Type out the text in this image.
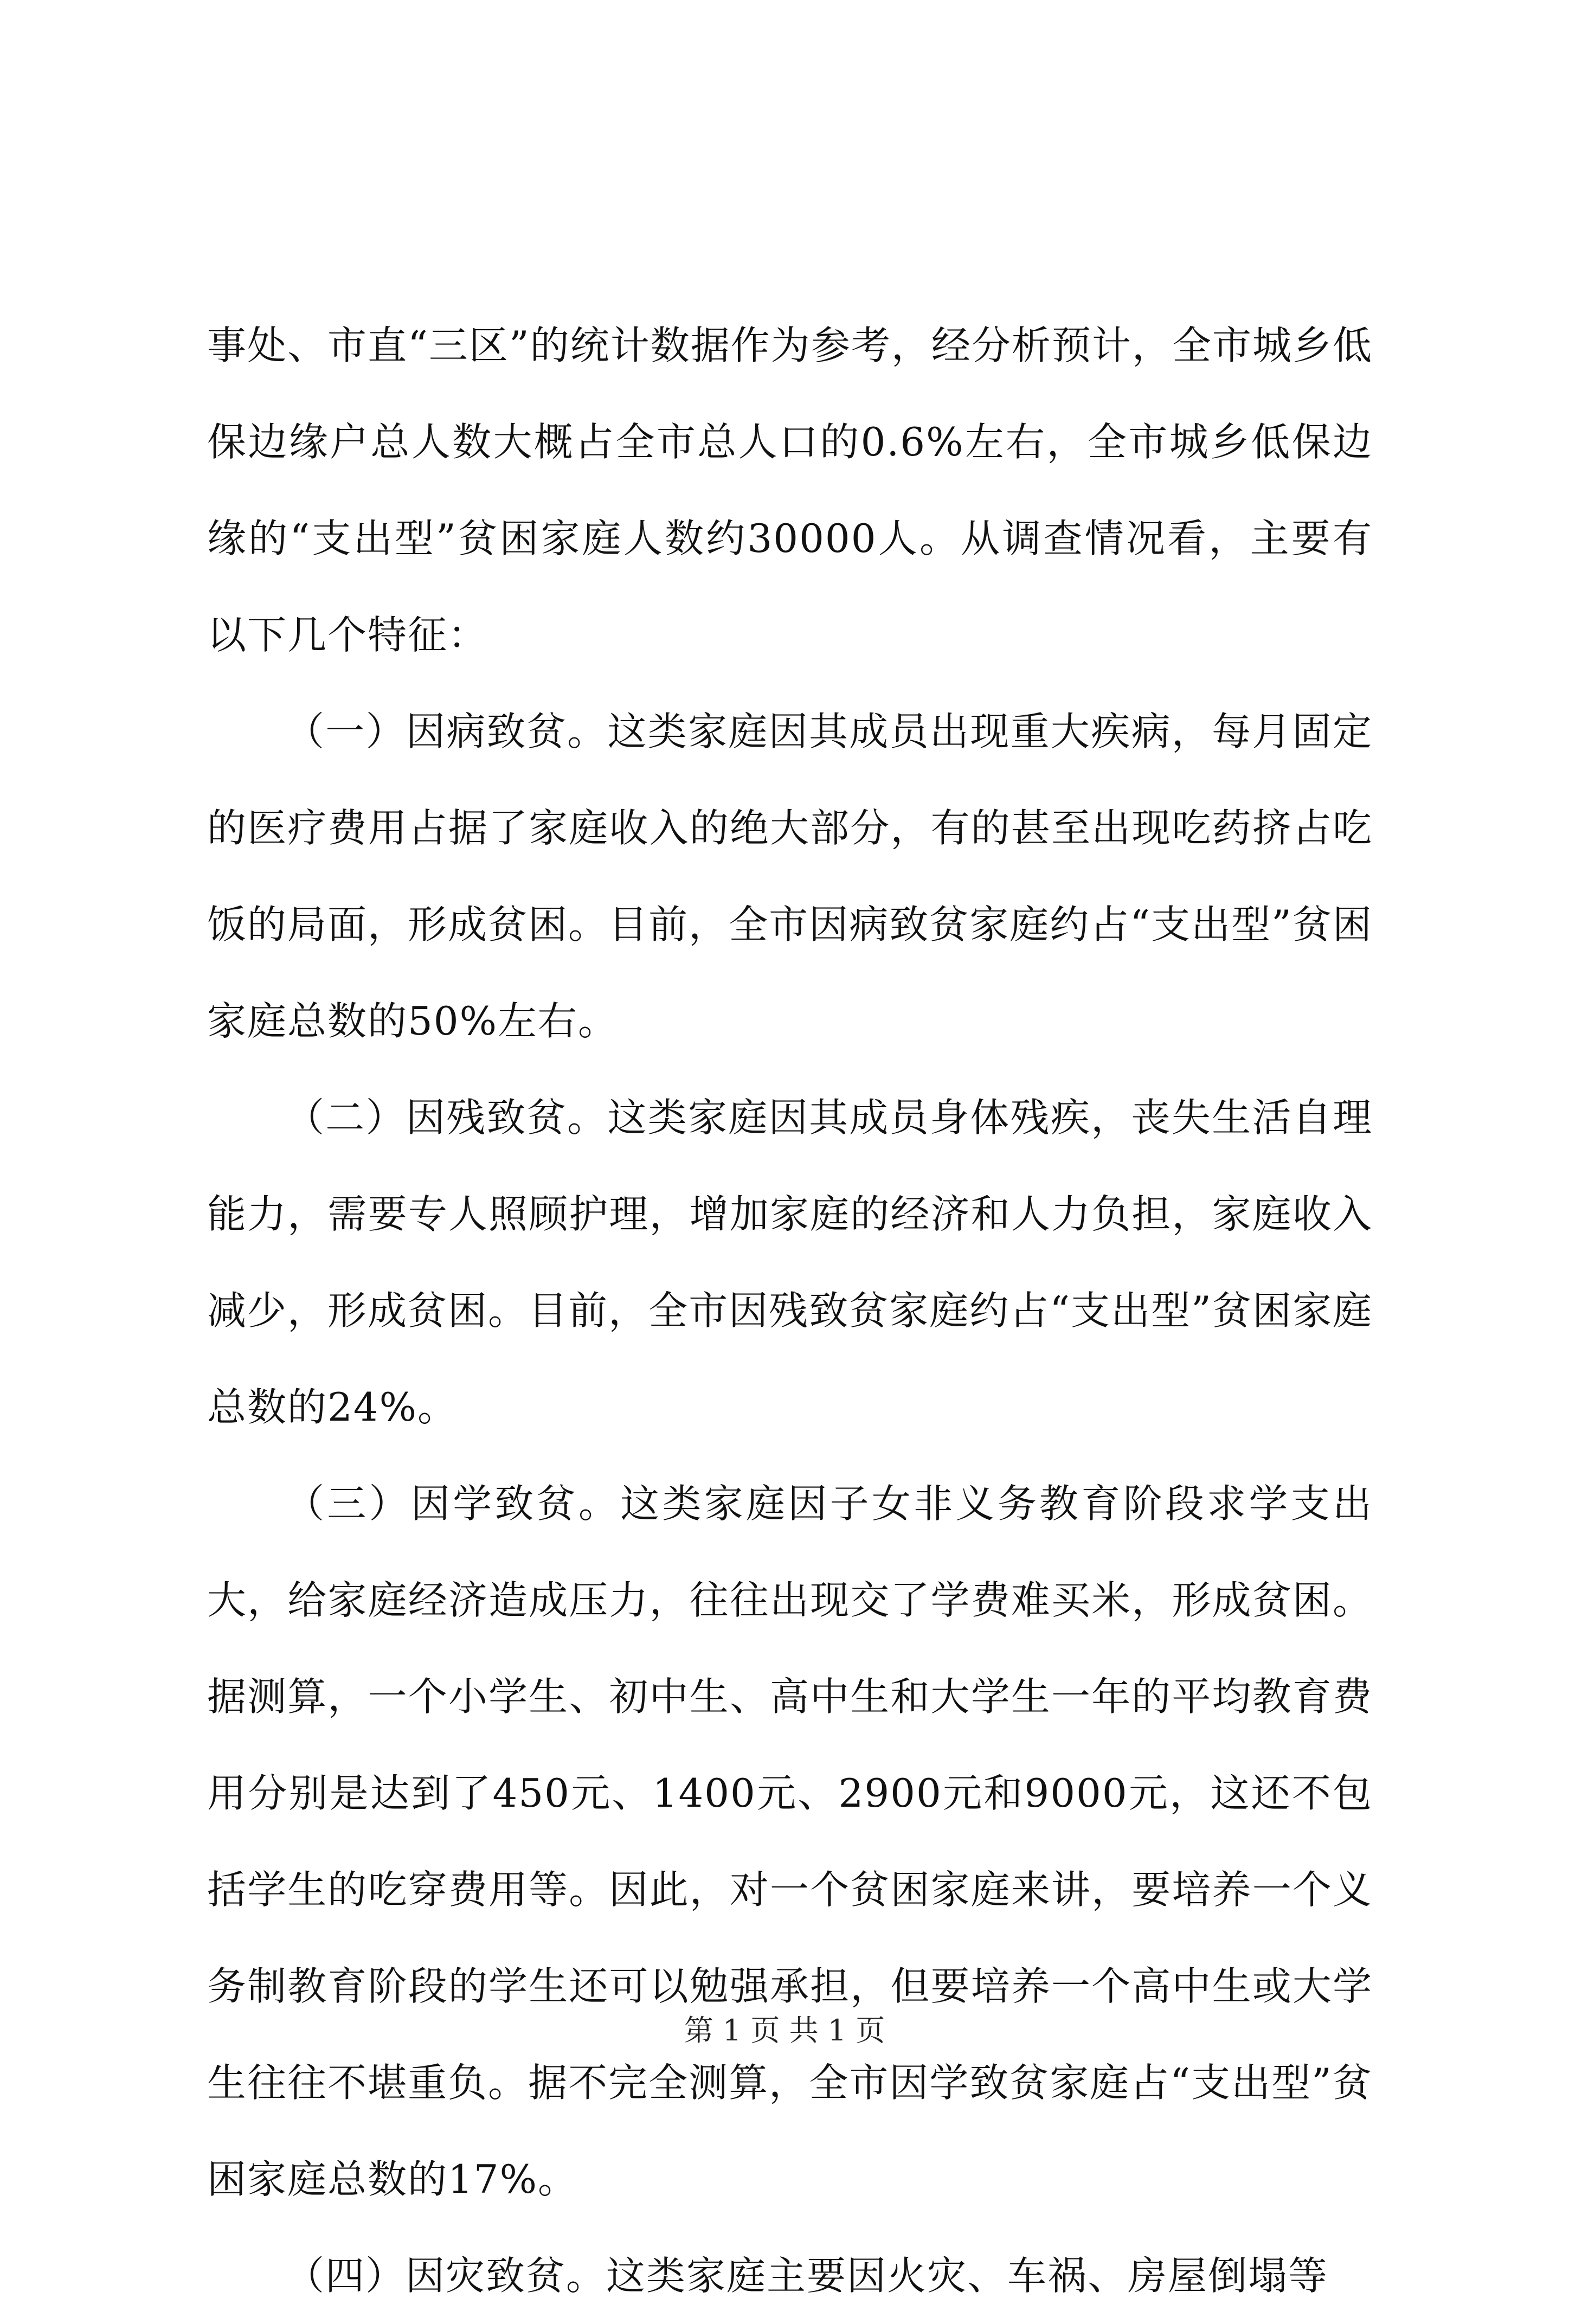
事处、市直“三区”的统计数据作为参考，经分析预计，全市城乡低保边缘户总人数大概占全市总人口的0.6%左右，全市城乡低保边缘的“支出型”贫困家庭人数约30000人。从调查情况看，主要有以下几个特征：

（一）因病致贫。这类家庭因其成员出现重大疾病，每月固定的医疗费用占据了家庭收入的绝大部分，有的甚至出现吃药挤占吃饭的局面，形成贫困。目前，全市因病致贫家庭约占“支出型”贫困家庭总数的50%左右。

（二）因残致贫。这类家庭因其成员身体残疾，丧失生活自理能力，需要专人照顾护理，增加家庭的经济和人力负担，家庭收入减少，形成贫困。目前，全市因残致贫家庭约占“支出型”贫困家庭总数的24%。

（三）因学致贫。这类家庭因子女非义务教育阶段求学支出大，给家庭经济造成压力，往往出现交了学费难买米，形成贫困。据测算，一个小学生、初中生、高中生和大学生一年的平均教育费用分别是达到了450元、1400元、2900元和9000元，这还不包括学生的吃穿费用等。因此，对一个贫困家庭来讲，要培养一个义务制教育阶段的学生还可以勉强承担，但要培养一个高中生或大学生往往不堪重负。据不完全测算，全市因学致贫家庭占“支出型”贫困家庭总数的17%。

（四）因灾致贫。这类家庭主要因火灾、车祸、房屋倒塌等

第 1 页 共 1 页
